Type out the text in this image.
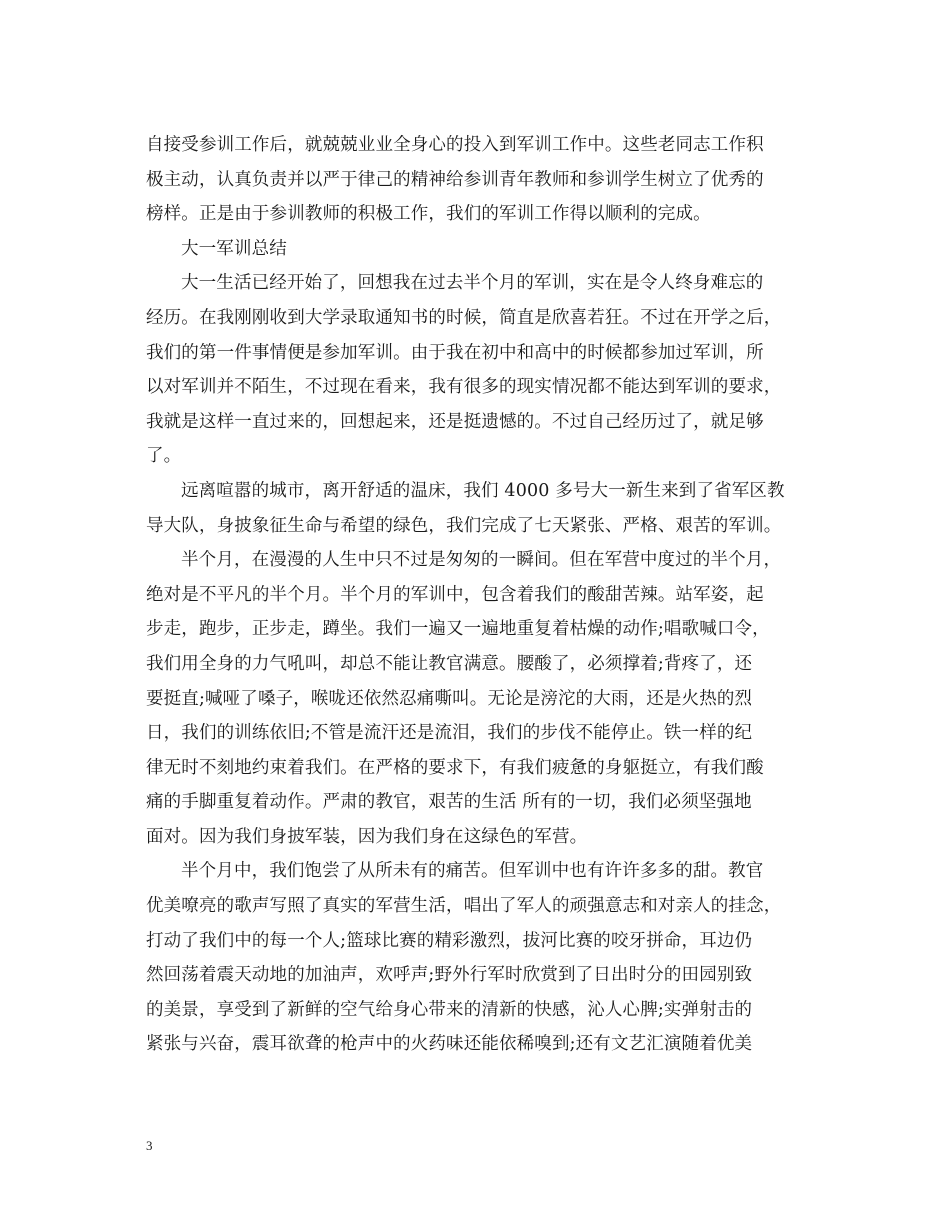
自接受参训工作后，就兢兢业业全身心的投入到军训工作中。这些老同志工作积
极主动，认真负责并以严于律己的精神给参训青年教师和参训学生树立了优秀的
榜样。正是由于参训教师的积极工作，我们的军训工作得以顺利的完成。
大一军训总结
大一生活已经开始了，回想我在过去半个月的军训，实在是令人终身难忘的
经历。在我刚刚收到大学录取通知书的时候，简直是欣喜若狂。不过在开学之后，
我们的第一件事情便是参加军训。由于我在初中和高中的时候都参加过军训，所
以对军训并不陌生，不过现在看来，我有很多的现实情况都不能达到军训的要求，
我就是这样一直过来的，回想起来，还是挺遗憾的。不过自己经历过了，就足够
了。
远离喧嚣的城市，离开舒适的温床，我们 4000 多号大一新生来到了省军区教
导大队，身披象征生命与希望的绿色，我们完成了七天紧张、严格、艰苦的军训。
半个月，在漫漫的人生中只不过是匆匆的一瞬间。但在军营中度过的半个月，
绝对是不平凡的半个月。半个月的军训中，包含着我们的酸甜苦辣。站军姿，起
步走，跑步，正步走，蹲坐。我们一遍又一遍地重复着枯燥的动作;唱歌喊口令，
我们用全身的力气吼叫，却总不能让教官满意。腰酸了，必须撑着;背疼了，还
要挺直;喊哑了嗓子，喉咙还依然忍痛嘶叫。无论是滂沱的大雨，还是火热的烈
日，我们的训练依旧;不管是流汗还是流泪，我们的步伐不能停止。铁一样的纪
律无时不刻地约束着我们。在严格的要求下，有我们疲惫的身躯挺立，有我们酸
痛的手脚重复着动作。严肃的教官，艰苦的生活 所有的一切，我们必须坚强地
面对。因为我们身披军装，因为我们身在这绿色的军营。
半个月中，我们饱尝了从所未有的痛苦。但军训中也有许许多多的甜。教官
优美嘹亮的歌声写照了真实的军营生活，唱出了军人的顽强意志和对亲人的挂念，
打动了我们中的每一个人;篮球比赛的精彩激烈，拔河比赛的咬牙拼命，耳边仍
然回荡着震天动地的加油声，欢呼声;野外行军时欣赏到了日出时分的田园别致
的美景，享受到了新鲜的空气给身心带来的清新的快感，沁人心脾;实弹射击的
紧张与兴奋，震耳欲聋的枪声中的火药味还能依稀嗅到;还有文艺汇演随着优美
3
